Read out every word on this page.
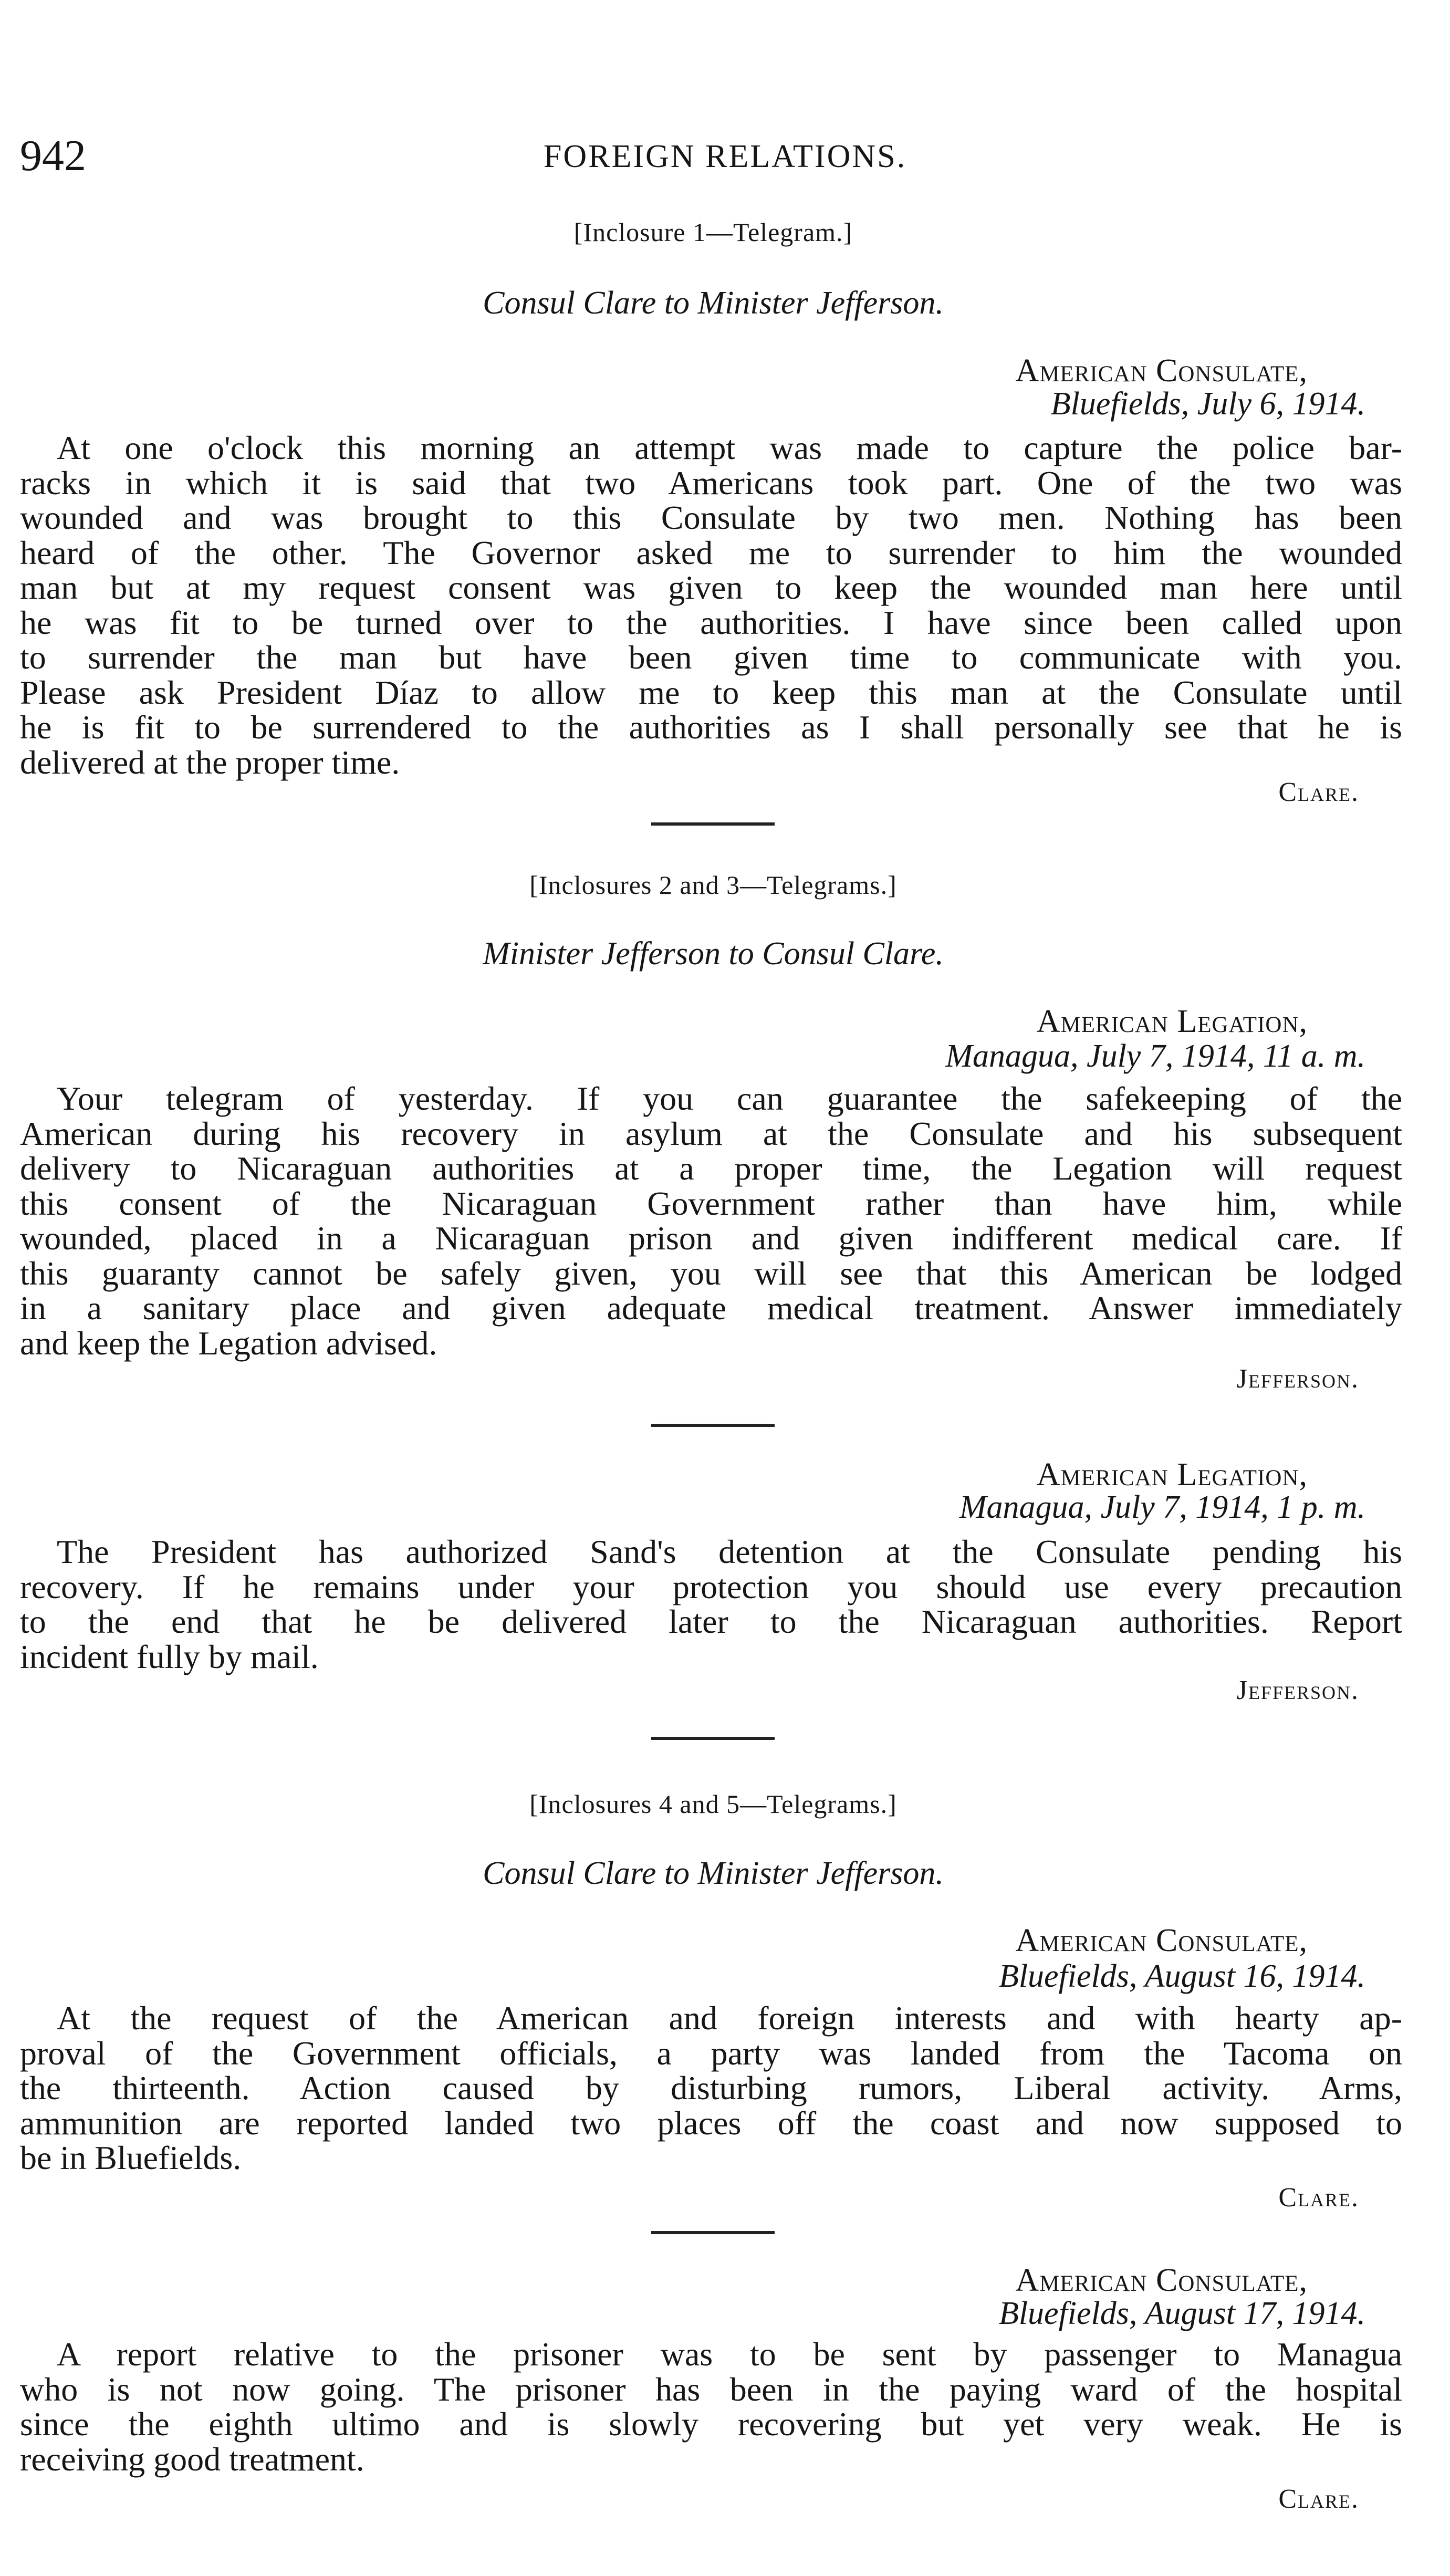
942	FOREIGN RELATIONS.
[Inclosure 1—Telegram.]
Consul Clare to Minister Jefferson.
American Consulate,
Bluefields, July 6, 1914.
At one o'clock this morning an attempt was made to capture the police bar-
racks in which it is said that two Americans took part. One of the two was
wounded and was brought to this Consulate by two men. Nothing has been
heard of the other. The Governor asked me to surrender to him the wounded
man but at my request consent was given to keep the wounded man here until
he was fit to be turned over to the authorities. I have since been called upon
to surrender the man but have been given time to communicate with you.
Please ask President Díaz to allow me to keep this man at the Consulate until
he is fit to be surrendered to the authorities as I shall personally see that he is
delivered at the proper time.
Clare.
[Inclosures 2 and 3—Telegrams.]
Minister Jefferson to Consul Clare.
American Legation,
Managua, July 7, 1914, 11 a. m.
Your telegram of yesterday. If you can guarantee the safekeeping of the
American during his recovery in asylum at the Consulate and his subsequent
delivery to Nicaraguan authorities at a proper time, the Legation will request
this consent of the Nicaraguan Government rather than have him, while
wounded, placed in a Nicaraguan prison and given indifferent medical care. If
this guaranty cannot be safely given, you will see that this American be lodged
in a sanitary place and given adequate medical treatment. Answer immediately
and keep the Legation advised.
Jefferson.
American Legation,
Managua, July 7, 1914, 1 p. m.
The President has authorized Sand's detention at the Consulate pending his
recovery. If he remains under your protection you should use every precaution
to the end that he be delivered later to the Nicaraguan authorities. Report
incident fully by mail.
Jefferson.
[Inclosures 4 and 5—Telegrams.]
Consul Clare to Minister Jefferson.
American Consulate,
Bluefields, August 16, 1914.
At the request of the American and foreign interests and with hearty ap-
proval of the Government officials, a party was landed from the Tacoma on
the thirteenth. Action caused by disturbing rumors, Liberal activity. Arms,
ammunition are reported landed two places off the coast and now supposed to
be in Bluefields.
Clare.
American Consulate,
Bluefields, August 17, 1914.
A report relative to the prisoner was to be sent by passenger to Managua
who is not now going. The prisoner has been in the paying ward of the hospital
since the eighth ultimo and is slowly recovering but yet very weak. He is
receiving good treatment.
Clare.
